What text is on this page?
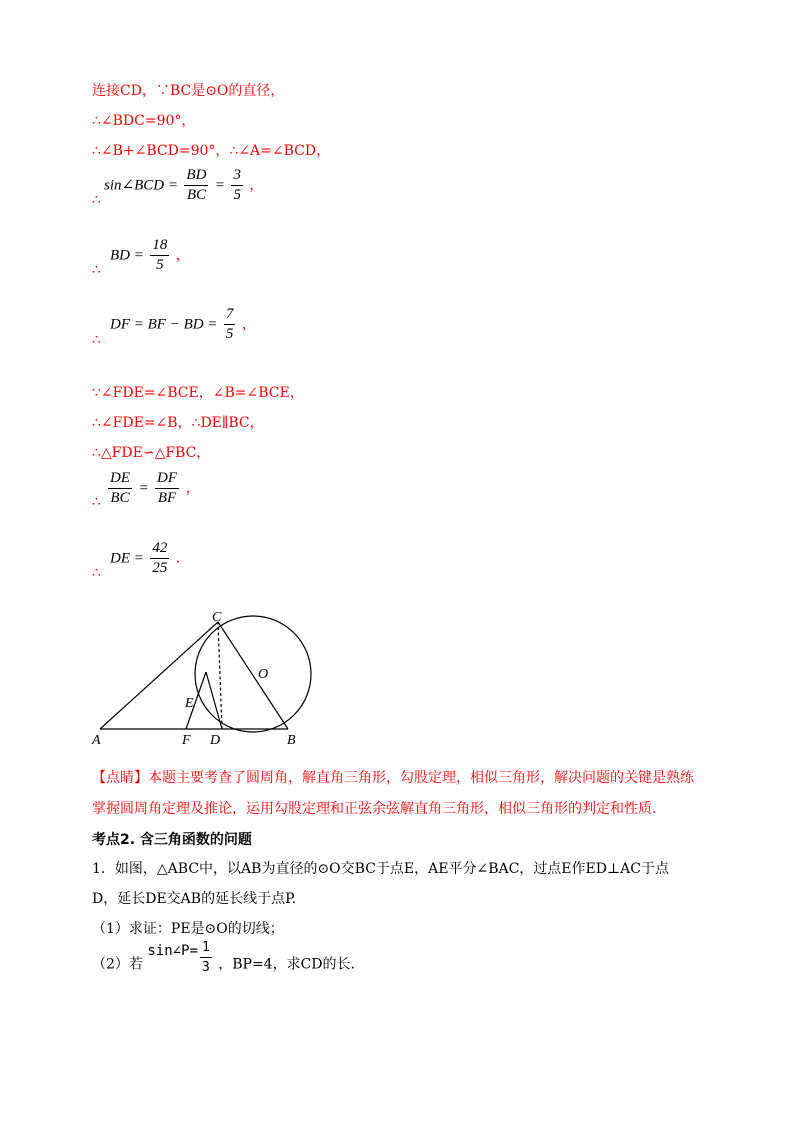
连接CD，∵BC是⊙O的直径，
∴∠BDC=90°，
∴∠B+∠BCD=90°，∴∠A=∠BCD，
sin∠BCD = $\frac{BD}{BC} = \frac{3}{5}$ ，
∴
BD = $\frac{18}{5}$ ，
∴
DF = BF − BD = $\frac{7}{5}$ ，
∴
∵∠FDE=∠BCE，∠B=∠BCE，
∴∠FDE=∠B，∴DE∥BC，
∴△FDE∽△FBC，
$\frac{DE}{BC} = \frac{DF}{BF}$ ，
∴
DE = $\frac{42}{25}$ .
∴
C
O
E
A	F D	B
【点睛】本题主要考查了圆周角，解直角三角形，勾股定理，相似三角形，解决问题的关键是熟练
掌握圆周角定理及推论，运用勾股定理和正弦余弦解直角三角形，相似三角形的判定和性质.
考点2. 含三角函数的问题
1．如图，△ABC中，以AB为直径的⊙O交BC于点E，AE平分∠BAC，过点E作ED⊥AC于点
D，延长DE交AB的延长线于点P.
（1）求证：PE是⊙O的切线；
（2）若 sin∠P= $\frac{1}{3}$ ，BP=4，求CD的长.
